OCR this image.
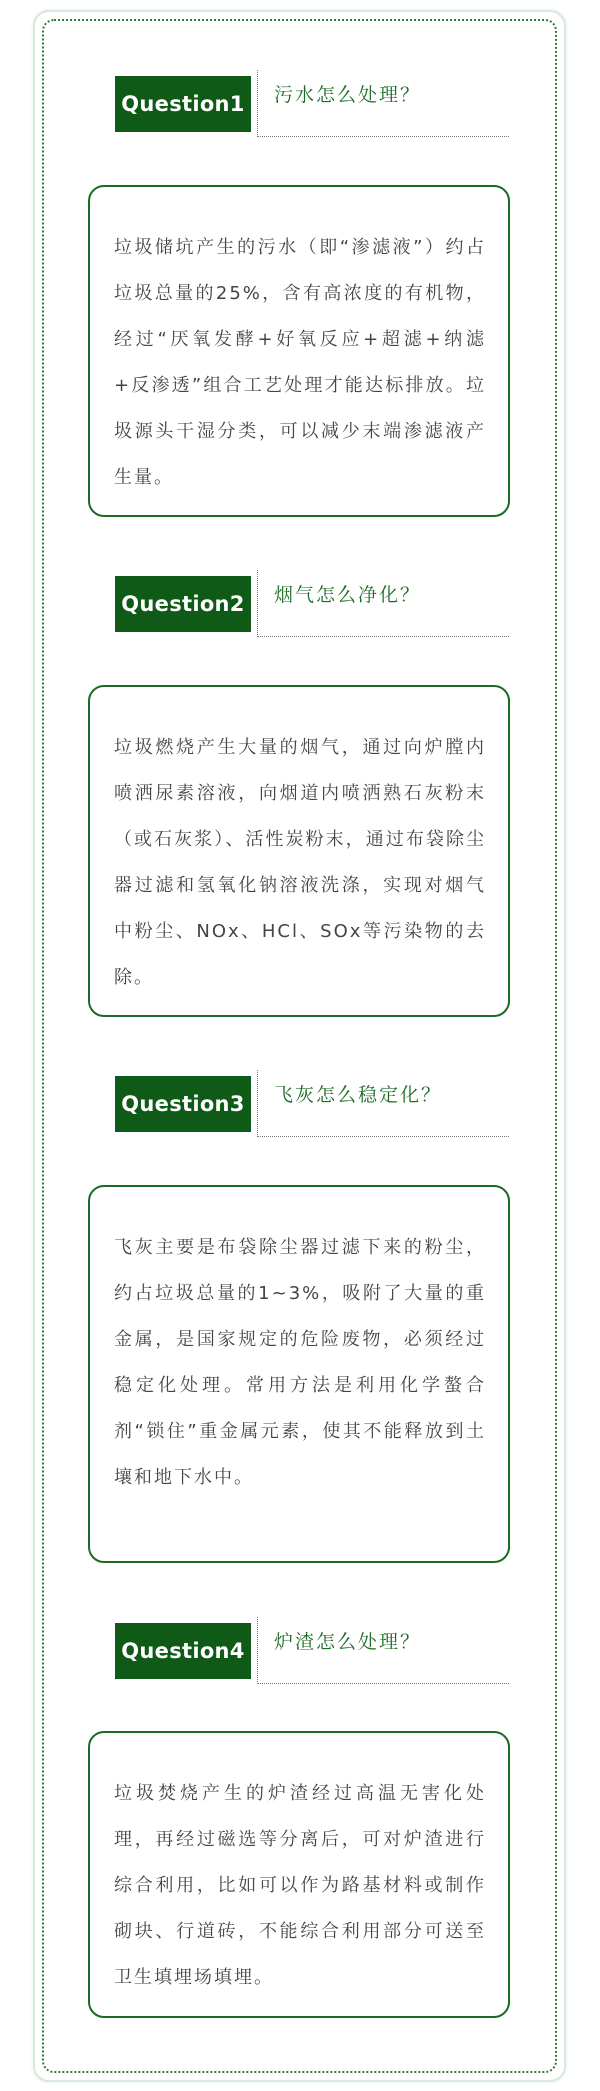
Question1	污水怎么处理？

垃圾储坑产生的污水（即“渗滤液”）约占垃圾总量的25%，含有高浓度的有机物，经过“厌氧发酵+好氧反应+超滤+纳滤+反渗透”组合工艺处理才能达标排放。垃圾源头干湿分类，可以减少末端渗滤液产生量。

Question2	烟气怎么净化？

垃圾燃烧产生大量的烟气，通过向炉膛内喷洒尿素溶液，向烟道内喷洒熟石灰粉末（或石灰浆）、活性炭粉末，通过布袋除尘器过滤和氢氧化钠溶液洗涤，实现对烟气中粉尘、NOx、HCl、SOx等污染物的去除。

Question3	飞灰怎么稳定化？

飞灰主要是布袋除尘器过滤下来的粉尘，约占垃圾总量的1~3%，吸附了大量的重金属，是国家规定的危险废物，必须经过稳定化处理。常用方法是利用化学螯合剂“锁住”重金属元素，使其不能释放到土壤和地下水中。

Question4	炉渣怎么处理？

垃圾焚烧产生的炉渣经过高温无害化处理，再经过磁选等分离后，可对炉渣进行综合利用，比如可以作为路基材料或制作砌块、行道砖，不能综合利用部分可送至卫生填埋场填埋。
